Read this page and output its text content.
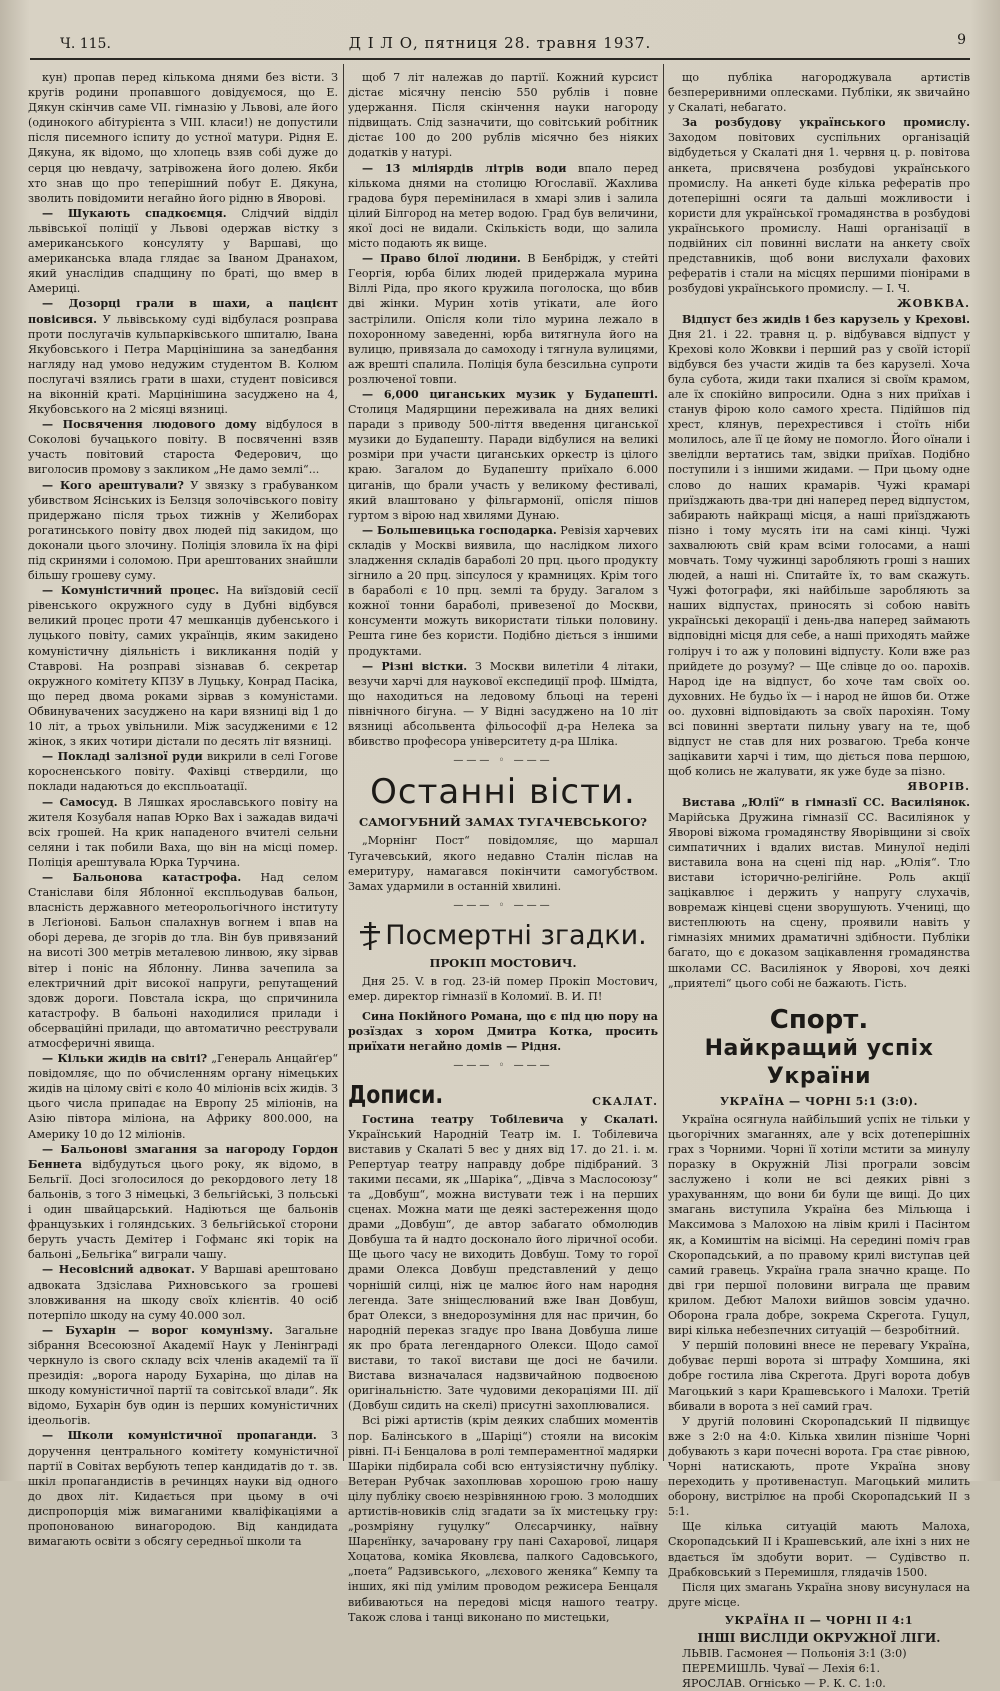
Ч. 115.	Д І Л О, пятниця 28. травня 1937.	9

кун) пропав перед кількома днями без вісти. З кругів родини пропавшого довідуємося, що Е. Дякун скінчив саме VII. гімназію у Львові, але його (одинокого абітурієнта з VIII. класи!) не допустили після писемного іспиту до устної матури. Рідня Е. Дякуна, як відомо, що хлопець взяв собі дуже до серця цю невдачу, затрівожена його долею. Якби хто знав що про теперішний побут Е. Дякуна, зволить повідомити негайно його рідню в Яворові.

— Шукають спадкоємця. Слідчий відділ львівської поліції у Львові одержав вістку з американського консуляту у Варшаві, що американська влада глядає за Іваном Дранахом, який унаслідив спадщину по браті, що вмер в Америці.

— Дозорці грали в шахи, а пацієнт повісився. У львівському суді відбулася розправа проти послугачів кульпарківського шпиталю, Івана Якубовського і Петра Марцінішина за занедбання нагляду над умово недужим студентом В. Колюм послугачі взялись грати в шахи, студент повісився на віконній краті. Марцінішина засуджено на 4, Якубовського на 2 місяці вязниці.

— Посвячення людового дому відбулося в Соколові бучацького повіту. В посвяченні взяв участь повітовий староста Федерович, що виголосив промову з закликом „Не дамо землі“...

— Кого арештували? У звязку з грабуванком убивством Ясінських із Белзця золочівського повіту придержано після трьох тижнів у Желиборах рогатинського повіту двох людей під закидом, що доконали цього злочину. Поліція зловила їх на фірі під скринями і соломою. При арештованих знайшли більшу грошеву суму.

— Комуністичний процес. На виїздовій сесії рівенського окружного суду в Дубні відбувся великий процес проти 47 мешканців дубенського і луцького повіту, самих українців, яким закидено комуністичну діяльність і викликання подій у Ставрові. На розправі зізнавав б. секретар окружного комітету КПЗУ в Луцьку, Конрад Пасіка, що перед двома роками зірвав з комуністами. Обвинувачених засуджено на кари вязниці від 1 до 10 літ, а трьох увільнили. Між засудженими є 12 жінок, з яких чотири дістали по десять літ вязниці.

— Покладі залізної руди викрили в селі Гогове коросненського повіту. Фахівці ствердили, що поклади надаються до експльоатації.

— Самосуд. В Ляшках ярославського повіту на жителя Козубаля напав Юрко Вах і зажадав видачі всіх грошей. На крик нападеного вчителі сельни селяни і так побили Ваха, що він на місці помер. Поліція арештувала Юрка Турчина.

— Бальонова катастрофа. Над селом Станіслави біля Яблонної експльодував бальон, власність державного метеорольогічного інституту в Лєґіонові. Бальон спалахнув вогнем і впав на оборі дерева, де згорів до тла. Він був привязаний на висоті 300 метрів металевою линвою, яку зірвав вітер і поніс на Яблонну. Линва зачепила за електричний дріт високої напруги, репутащений здовж дороги. Повстала іскра, що спричинила катастрофу. В бальоні находилися прилади і обсерваційні прилади, що автоматично реєстрували атмосферичні явища.

— Кільки жидів на світі? „Генераль Анцайґер“ повідомляє, що по обчисленням органу німецьких жидів на цілому світі є коло 40 міліонів всіх жидів. З цього числа припадає на Европу 25 міліонів, на Азію півтора міліона, на Африку 800.000, на Америку 10 до 12 міліонів.

— Бальонові змагання за нагороду Гордон Беннета відбудуться цього року, як відомо, в Бельгії. Досі зголосилося до рекордового лету 18 бальонів, з того 3 німецькі, 3 бельгійські, 3 польські і один швайцарський. Надіються ще бальонів французьких і голяндських. З бельгійської сторони беруть участь Демітер і Гофманс які торік на бальоні „Бельгіка“ виграли чашу.

— Несовісний адвокат. У Варшаві арештовано адвоката Здзіслава Рихновського за грошеві зловживання на шкоду своїх клієнтів. 40 осіб потерпіло шкоду на суму 40.000 зол.

— Бухарін — ворог комунізму. Загальне зібрання Всесоюзної Академії Наук у Ленінграді черкнуло із свого складу всіх членів академії та її президія: „ворога народу Бухаріна, що ділав на шкоду комуністичної партії та совітської влади“. Як відомо, Бухарін був один із перших комуністичних ідеольогів.

— Школи комуністичної пропаганди. З доручення центрального комітету комуністичної партії в Совітах вербують тепер кандидатів до т. зв. шкіл пропагандистів в речинцях науки від одного до двох літ. Кидається при цьому в очі диспропорція між вимаганими кваліфікаціями а пропонованою винагородою. Від кандидата вимагають освіти з обсягу середньої школи та

щоб 7 літ належав до партії. Кожний курсист дістає місячну пенсію 550 рублів і повне удержання. Після скінчення науки нагороду підвищать. Слід зазначити, що совітський робітник дістає 100 до 200 рублів місячно без ніяких додатків у натурі.

— 13 міліярдів літрів води впало перед кількома днями на столицю Югославії. Жахлива градова буря перемінилася в хмарі злив і залила цілий Білгород на метер водою. Град був величини, якої досі не видали. Скількість води, що залила місто подають як вище.

— Право білої людини. В Бенбрідж, у стейті Георгія, юрба білих людей придержала мурина Віллі Ріда, про якого кружила поголоска, що вбив дві жінки. Мурин хотів утікати, але його застрілили. Опісля коли тіло мурина лежало в похоронному заведенні, юрба витягнула його на вулицю, привязала до самоходу і тягнула вулицями, аж врешті спалила. Поліція була безсильна супроти розлюченої товпи.

— 6,000 циганських музик у Будапешті. Столиця Мадярщини переживала на днях великі паради з приводу 500-ліття введення циганської музики до Будапешту. Паради відбулися на великі розміри при участи циганських оркестр із цілого краю. Загалом до Будапешту приїхало 6.000 циганів, що брали участь у великому фестивалі, який влаштовано у фільгармонії, опісля пішов гуртом з вірою над хвилями Дунаю.

— Большевицька господарка. Ревізія харчевих складів у Москві виявила, що наслідком лихого зладження складів бараболі 20 прц. цього продукту зігнило а 20 прц. зіпсулося у крамницях. Крім того в бараболі є 10 прц. землі та бруду. Загалом з кожної тонни бараболі, привезеної до Москви, консументи можуть використати тільки половину. Решта гине без користи. Подібно діється з іншими продуктами.

— Різні вістки. З Москви вилетіли 4 літаки, везучи харчі для наукової експедиції проф. Шмідта, що находиться на ледовому бльоці на терені північного бігуна. — У Відні засуджено на 10 літ вязниці абсольвента фільософії д-ра Нелека за вбивство професора університету д-ра Шліка.

——— ◦ ———
Останні вісти.

САМОГУБНИЙ ЗАМАХ ТУГАЧЕВСЬКОГО?

„Морнінг Пост“ повідомляє, що маршал Тугачевський, якого недавно Сталін післав на емеритуру, намагався покінчити самогубством. Замах удармили в останній хвилині.

——— ◦ ———
Посмертні згадки.

ПРОКІП МОСТОВИЧ.

Дня 25. V. в год. 23-ій помер Прокіп Мостович, емер. директор гімназії в Коломиї. В. И. П!

Сина Покійного Романа, що є під цю пору на розїздах з хором Дмитра Котка, просить приїхати негайно домів — Рідня.

——— ◦ ———
Дописи.	СКАЛАТ.

Гостина театру Тобілевича у Скалаті. Український Народній Театр ім. І. Тобілевича виставив у Скалаті 5 вес у днях від 17. до 21. і. м. Репертуар театру направду добре підібраний. З такими пєсами, як „Шаріка“, „Дівча з Маслосоюзу“ та „Довбуш“, можна вистувати теж і на перших сценах. Можна мати ще деякі застереження щодо драми „Довбуш“, де автор забагато обмолюдив Довбуша та й надто досконало його ліричної особи. Ще цього часу не виходить Довбуш. Тому то горої драми Олекса Довбуш представлений у дещо чорнішій силці, ніж це малює його нам народня легенда. Зате зніщеслюваний вже Іван Довбуш, брат Олекси, з внедорозуміння для нас причин, бо народній переказ згадує про Івана Довбуша лише як про брата легендарного Олекси. Щодо самої вистави, то такої вистави ще досі не бачили. Вистава визначалася надзвичайною подвоєною оригінальністю. Зате чудовими декораціями ІІІ. дії (Довбуш сидить на скелі) присутні захоплювалися.

Всі ріжі артистів (крім деяких слабших моментів пор. Балінського в „Шаріці“) стояли на високім рівні. П-і Бенцалова в ролі темпераментної мадярки Шаріки підбирала собі всю ентузіястичну публіку. Ветеран Рубчак захоплював хорошою грою нашу цілу публіку своєю незрівнянною грою. З молодших артистів-новиків слід згадати за їх мистецьку гру: „розмріяну гуцулку“ Олєсарчинку, наївну Шарєнїнку, зачаровану гру пані Сахарової, лицаря Хоцатова, коміка Яковлєва, палкого Садовського, „поета“ Радзивського, „лєхового женяка“ Кемпу та інших, які під умілим проводом режисера Бенцаля вибиваються на передові місця нашого театру. Також слова і танці виконано по мистецьки,

що публіка нагороджувала артистів безпереривними оплесками. Публіки, як звичайно у Скалаті, небагато.

За розбудову українського промислу. Заходом повітових суспільних організацій відбудеться у Скалаті дня 1. червня ц. р. повітова анкета, присвячена розбудові українського промислу. На анкеті буде кілька рефератів про дотеперішні осяги та дальші можливости і користи для української громадянства в розбудові українського промислу. Наші організації в подвійних сіл повинні вислати на анкету своїх представників, щоб вони вислухали фахових рефератів і стали на місцях першими піонірами в розбудові українського промислу. — І. Ч.

ЖОВКВА.

Відпуст без жидів і без карузель у Крехові. Дня 21. і 22. травня ц. р. відбувався відпуст у Крехові коло Жовкви і перший раз у своїй історії відбувся без участи жидів та без карузелі. Хоча була субота, жиди таки пхалися зі своїм крамом, але їх спокійно випросили. Одна з них приїхав і станув фірою коло самого хреста. Підійшов під хрест, клянув, перехрестився і стоїть ніби молилось, але її це йому не помогло. Його оїнали і звелідли вертатись там, звідки приїхав. Подібно поступили і з іншими жидами. — При цьому одне слово до наших крамарів. Чужі крамарі приїзджають два-три дні наперед перед відпустом, забирають найкращі місця, а наші приїзджають пізно і тому мусять іти на самі кінці. Чужі захвалюють свій крам всіми голосами, а наші мовчать. Тому чужинці заробляють гроші з наших людей, а наші ні. Спитайте їх, то вам скажуть. Чужі фотографи, які найбільше заробляють за наших відпустах, приносять зі собою навіть українські декорації і день-два наперед займають відповідні місця для себе, а наші приходять майже голіруч і то аж у половині відпусту. Коли вже раз прийдете до розуму? — Ще слівце до оо. пароxів. Народ іде на відпуст, бо хоче там своїх оо. духовних. Не будьо їх — і народ не йшов би. Отже оо. духовні відповідають за своїх парохіян. Тому всі повинні звертати пильну увагу на те, щоб відпуст не став для них розвагою. Треба конче зацікавити харчі і тим, що діється пова першою, щоб колись не жалувати, як уже буде за пізно.

ЯВОРІВ.

Вистава „Юлії“ в гімназії СС. Василіянок. Марійська Дружина гімназії СС. Василіянок у Яворові віжома громадянству Яворівщини зі своїх симпатичних і вдалих вистав. Минулої неділі виставила вона на сцені під нар. „Юлія“. Тло вистави історично-релігійне. Роль акції зацікавлює і держить у напругу слухачів, вовремаж кінцеві сцени зворушують. Учениці, що вистеплюють на сцену, проявили навіть у гімназіях мнимих драматичні здібности. Публіки багато, що є доказом зацікавлення громадянства школами СС. Василіянок у Яворові, хоч деякі „приятелі“ цього собі не бажають. Гість.

Спорт.
Найкращий успіх України

УКРАЇНА — ЧОРНІ 5:1 (3:0).

Україна осягнула найбільший успіх не тільки у цьогорічних змаганнях, але у всіх дотеперішніх грах з Чорними. Чорні її хотіли мстити за минулу поразку в Окружній Лізі програли зовсім заслужено і коли не всі деяких рівні з урахуванням, що вони би були ще вищі. До цих змагань виступила Україна без Мільюща і Максимова з Малохою на лівім крилі і Пасінтом як, а Комиштім на вісімці. На середині поміч грав Скоропадський, а по правому крилі виступав цей самий гравець. Україна грала значно краще. По дві гри першої половини виграла ще правим крилом. Дебют Малохи вийшов зовсім удачно. Оборона грала добре, зокрема Скрегота. Гуцул, вирі кілька небезпечних ситуацій — безробітний.

У першій половині внесе не перевагу Україна, добуває перші ворота зі штрафу Хомшина, які добре гостила ліва Скрегота. Другі ворота добув Магоцький з кари Крашевського і Малохи. Третій вбивали в ворота з неї самий грач.

У другій половині Скоропадський II підвищує вже з 2:0 на 4:0. Кілька хвилин пізніше Чорні добувають з кари почесні ворота. Гра стає рівною, Чорні натискають, проте Україна знову переходить у противенаступ. Магоцький милить оборону, вистрілює на пробі Скоропадський II з 5:1.

Ще кілька ситуацій мають Малоха, Скоропадський II і Крашевський, але іхні з них не вдається їм здобути ворит. — Судівство п. Драбковський з Перемишля, глядачів 1500.

Після цих змагань Україна знову висунулася на друге місце.

УКРАЇНА II — ЧОРНІ II 4:1

ІНШІ ВИСЛІДИ ОКРУЖНОЇ ЛІГИ.

ЛЬВІВ. Гасмонея — Польонія 3:1 (3:0)

ПЕРЕМИШЛЬ. Чуваї — Лехія 6:1.

ЯРОСЛАВ. Огнісько — Р. К. С. 1:0.
